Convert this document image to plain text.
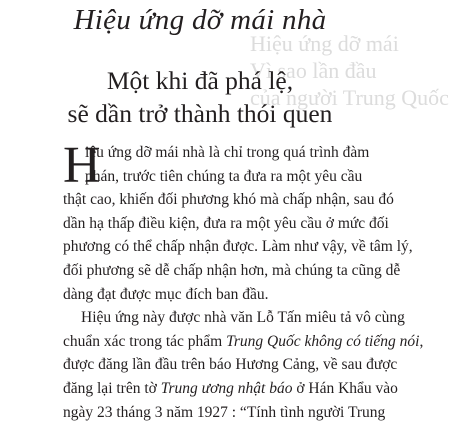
Hiệu ứng dỡ mái
Vì sao lần đầu
của người Trung Quốc
Hiệu ứng dỡ mái nhà
Một khi đã phá lệ,
sẽ dần trở thành thói quen
H
iệu ứng dỡ mái nhà là chỉ trong quá trình đàm
phán, trước tiên chúng ta đưa ra một yêu cầu
thật cao, khiến đối phương khó mà chấp nhận, sau đó
dần hạ thấp điều kiện, đưa ra một yêu cầu ở mức đối
phương có thể chấp nhận được. Làm như vậy, về tâm lý,
đối phương sẽ dễ chấp nhận hơn, mà chúng ta cũng dễ
dàng đạt được mục đích ban đầu.
Hiệu ứng này được nhà văn Lỗ Tấn miêu tả vô cùng
chuẩn xác trong tác phẩm Trung Quốc không có tiếng nói,
được đăng lần đầu trên báo Hương Cảng, về sau được
đăng lại trên tờ Trung ương nhật báo ở Hán Khẩu vào
ngày 23 tháng 3 năm 1927 : “Tính tình người Trung
